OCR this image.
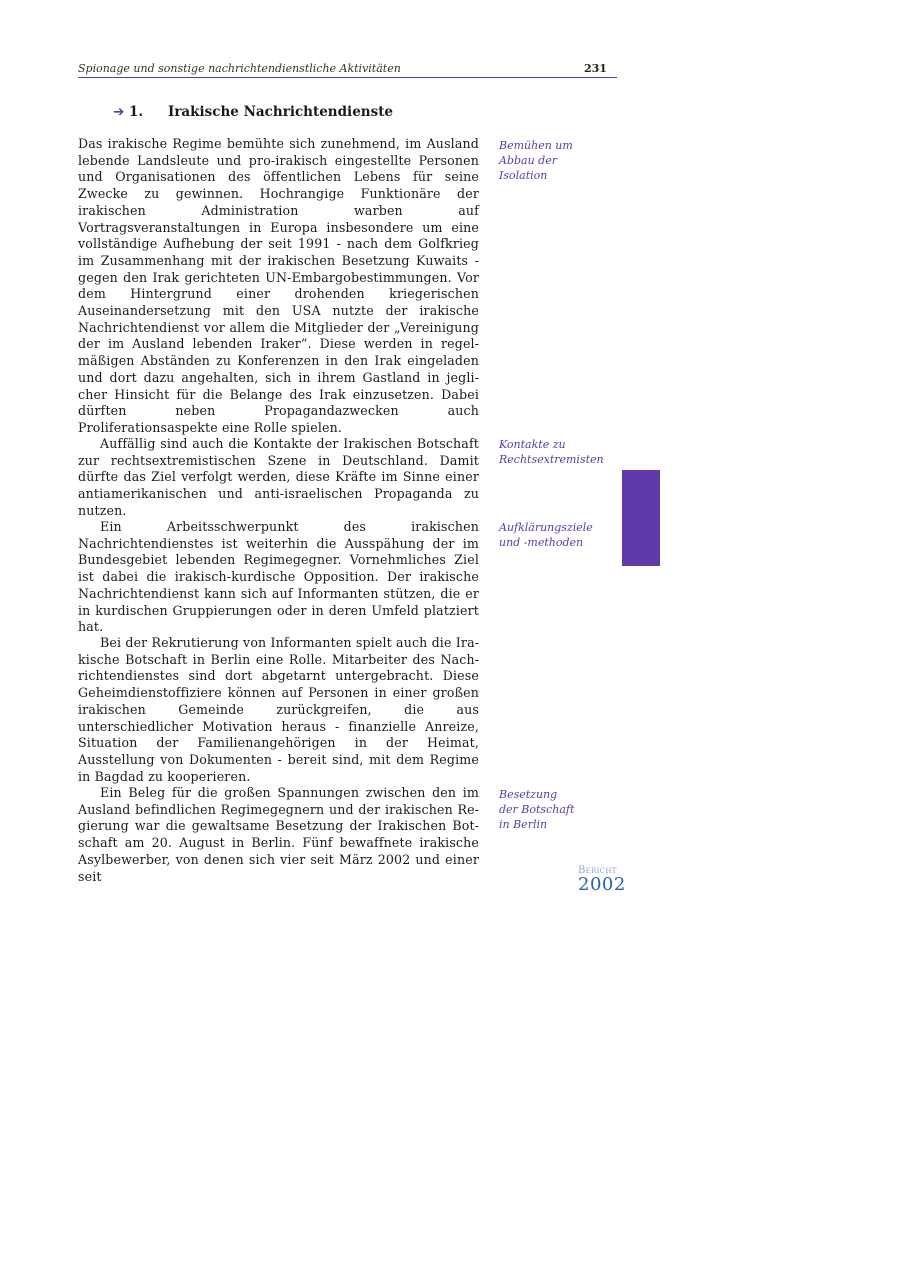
Spionage und sonstige nachrichtendienstliche Aktivitäten	231
➔ 1. Irakische Nachrichtendienste

Das irakische Regime bemühte sich zunehmend, im Ausland lebende Landsleute und pro-irakisch eingestellte Personen und Organisationen des öffentlichen Lebens für seine Zwecke zu gewinnen. Hochrangige Funktionäre der irakischen Administration warben auf Vortragsveranstaltungen in Europa insbesondere um eine vollständige Aufhebung der seit 1991 - nach dem Golfkrieg im Zusammenhang mit der irakischen Besetzung Kuwaits - gegen den Irak gerichteten UN-Embargobestimmungen. Vor dem Hintergrund einer drohenden kriegerischen Auseinandersetzung mit den USA nutzte der irakische Nachrichtendienst vor allem die Mitglieder der „Vereinigung der im Ausland lebenden Iraker“. Diese werden in regelmäßigen Abständen zu Konferenzen in den Irak eingeladen und dort dazu angehalten, sich in ihrem Gastland in jeglicher Hinsicht für die Belange des Irak einzusetzen. Dabei dürften neben Propagandazwecken auch Proliferationsaspekte eine Rolle spielen.

Auffällig sind auch die Kontakte der Irakischen Botschaft zur rechtsextremistischen Szene in Deutschland. Damit dürfte das Ziel verfolgt werden, diese Kräfte im Sinne einer antiamerikanischen und anti-israelischen Propaganda zu nutzen.

Ein Arbeitsschwerpunkt des irakischen Nachrichtendienstes ist weiterhin die Ausspähung der im Bundesgebiet lebenden Regimegegner. Vornehmliches Ziel ist dabei die irakisch-kurdische Opposition. Der irakische Nachrichtendienst kann sich auf Informanten stützen, die er in kurdischen Gruppierungen oder in deren Umfeld platziert hat.

Bei der Rekrutierung von Informanten spielt auch die Irakische Botschaft in Berlin eine Rolle. Mitarbeiter des Nachrichtendienstes sind dort abgetarnt untergebracht. Diese Geheimdienstoffiziere können auf Personen in einer großen irakischen Gemeinde zurückgreifen, die aus unterschiedlicher Motivation heraus - finanzielle Anreize, Situation der Familienangehörigen in der Heimat, Ausstellung von Dokumenten - bereit sind, mit dem Regime in Bagdad zu kooperieren.

Ein Beleg für die großen Spannungen zwischen den im Ausland befindlichen Regimegegnern und der irakischen Regierung war die gewaltsame Besetzung der Irakischen Botschaft am 20. August in Berlin. Fünf bewaffnete irakische Asylbewerber, von denen sich vier seit März 2002 und einer seit

Bemühen um Abbau der Isolation
Kontakte zu Rechtsextremisten
Aufklärungsziele und -methoden
Besetzung der Botschaft in Berlin
Bericht
2002
